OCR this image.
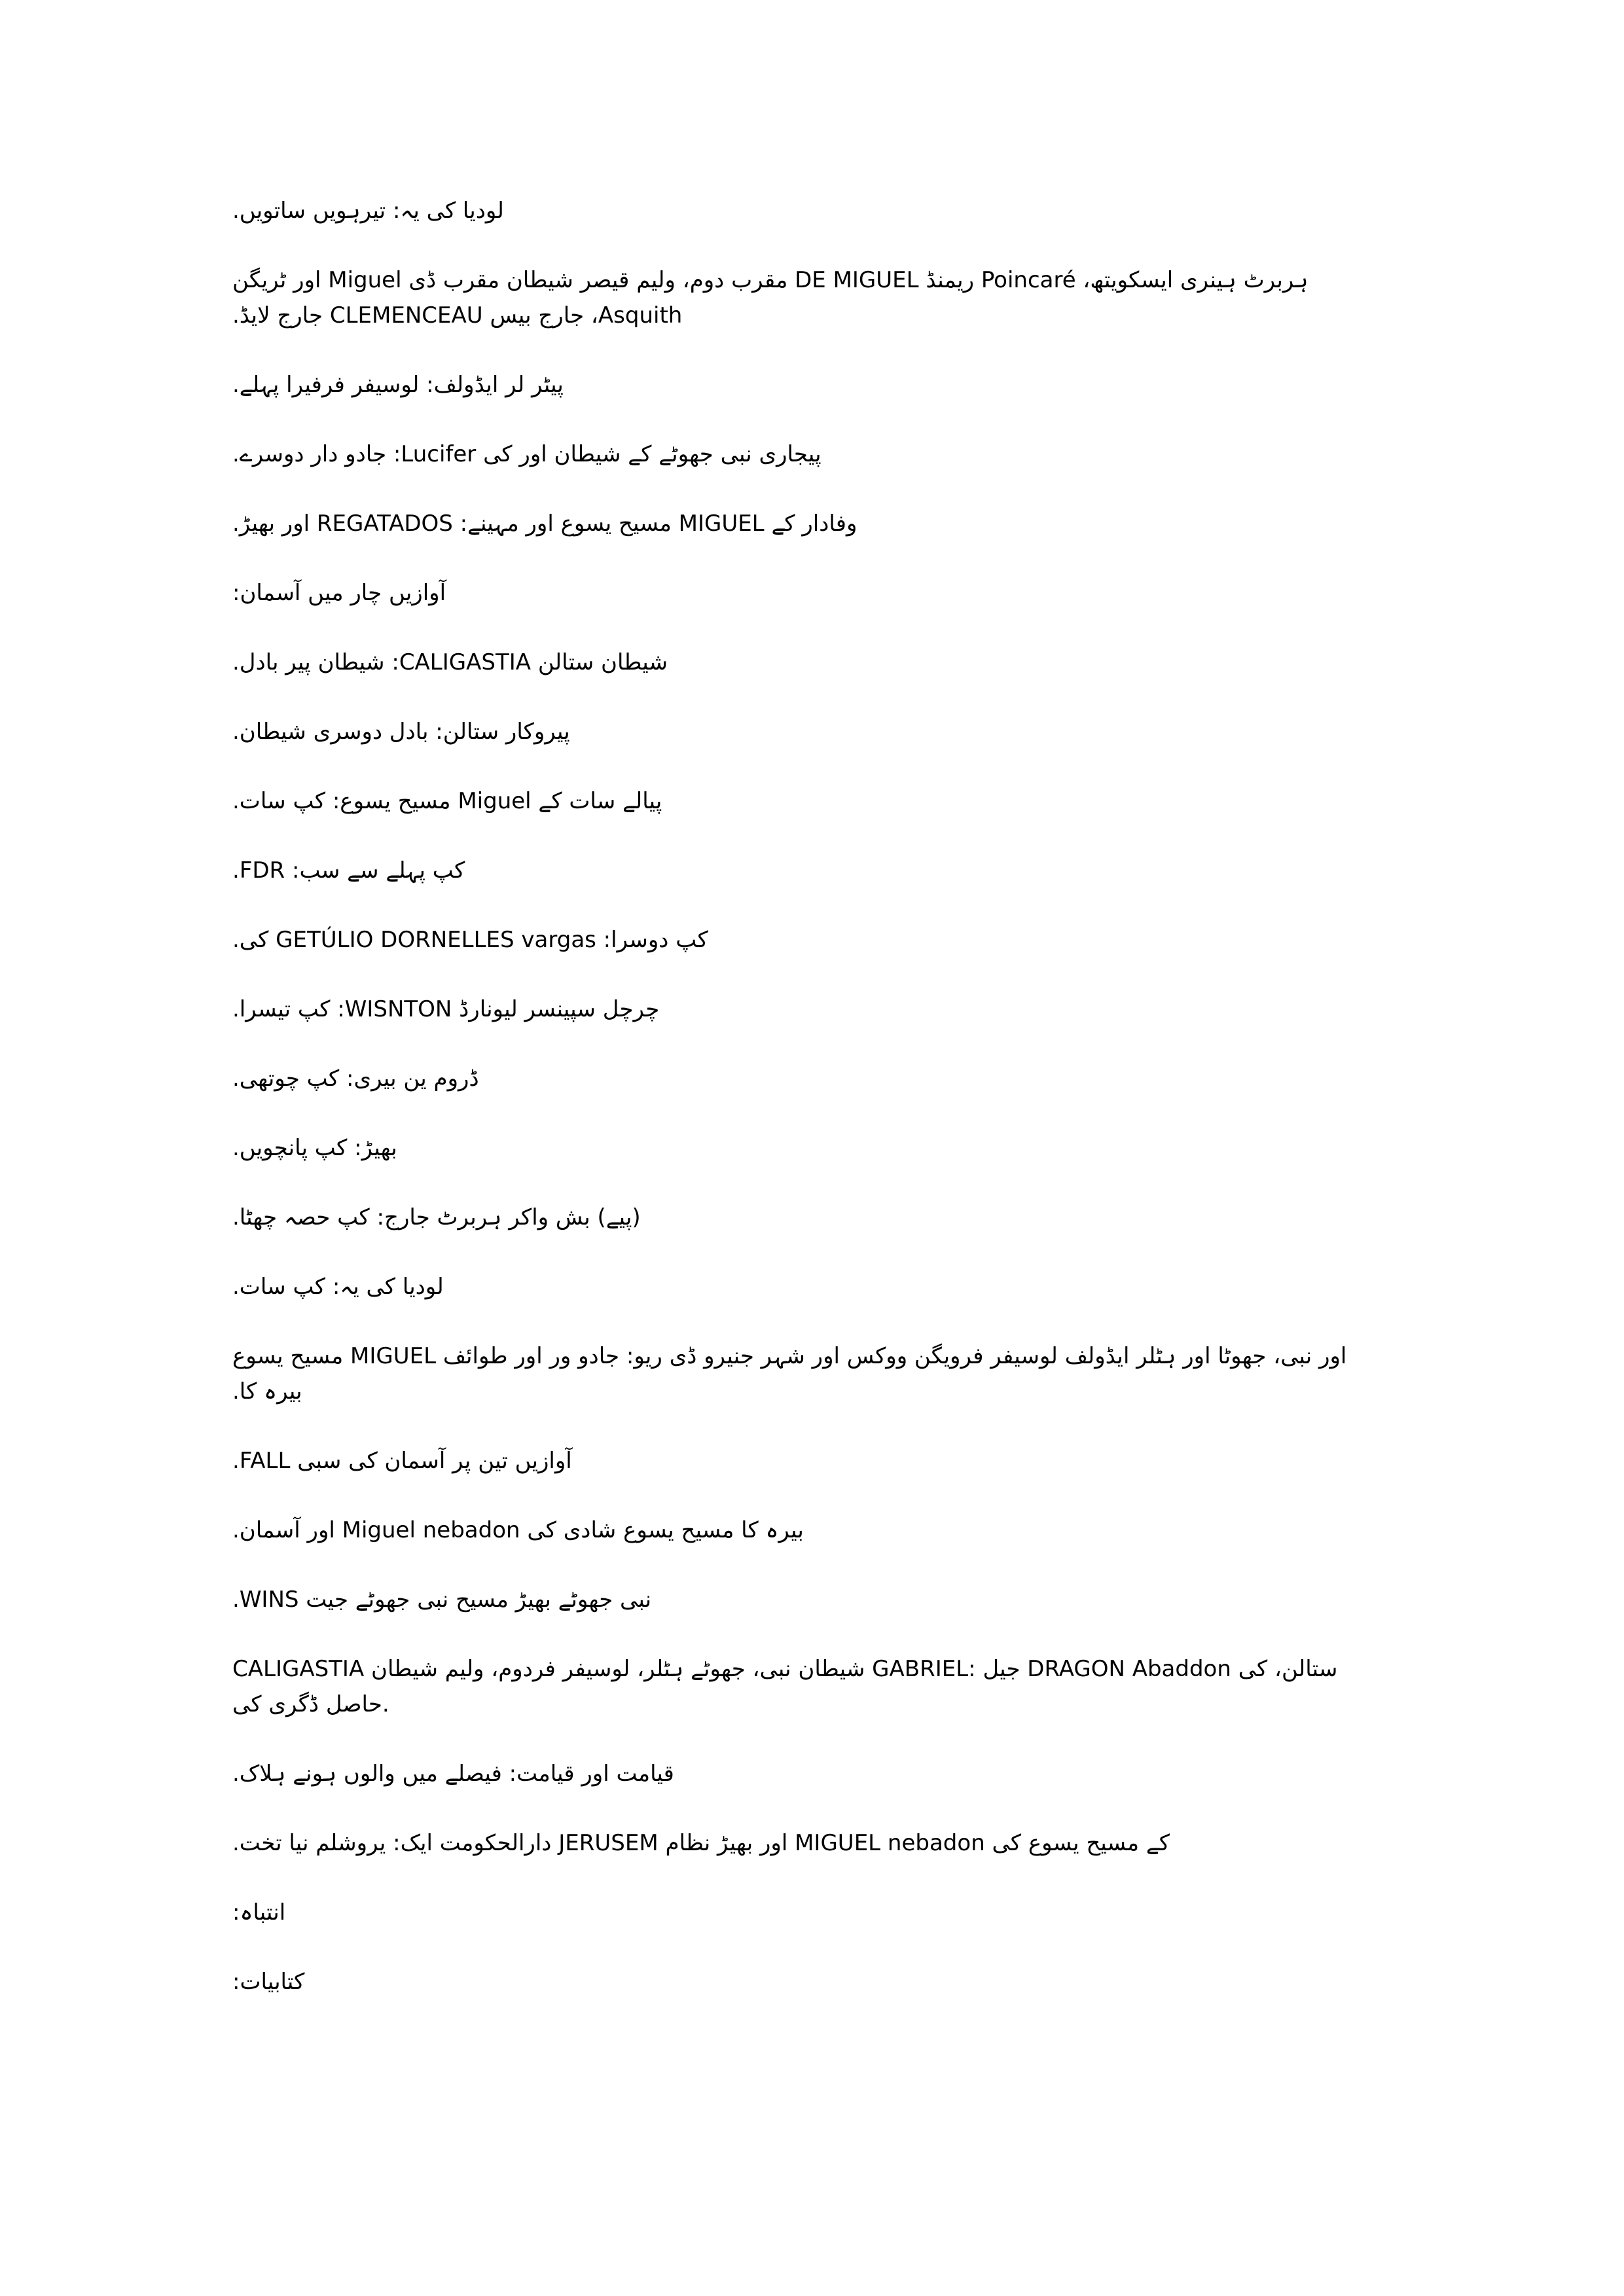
لودیا کی یہ: تیرہویں ساتویں.

ہربرٹ ہینری ایسکویتھ، Poincaré ریمنڈ DE MIGUEL مقرب دوم، ولیم قیصر شیطان مقرب ڈی Miguel اور ٹریگن Asquith، جارج بیس CLEMENCEAU جارج لایڈ.

پیٹر لر ایڈولف: لوسیفر فرفیرا پہلے.

پیجاری نبی جھوٹے کے شیطان اور کی Lucifer: جادو دار دوسرے.

وفادار کے MIGUEL مسیح یسوع اور مہینے: REGATADOS اور بھیڑ.

آوازیں چار میں آسمان:

شیطان ستالن CALIGASTIA: شیطان پیر بادل.

پیروکار ستالن: بادل دوسری شیطان.

پیالے سات کے Miguel مسیح یسوع: کپ سات.

کپ پہلے سے سب: FDR.

کپ دوسرا: GETÚLIO DORNELLES vargas کی.

چرچل سپینسر لیونارڈ WISNTON: کپ تیسرا.

ڈروم ین بیری: کپ چوتھی.

بھیڑ: کپ پانچویں.

(پیے) بش واکر ہربرٹ جارج: کپ حصہ چھٹا.

لودیا کی یہ: کپ سات.

اور نبی، جھوٹا اور ہٹلر ایڈولف لوسیفر فرویگن ووکس اور شہر جنیرو ڈی ریو: جادو ور اور طوائف MIGUEL مسیح یسوع بیرہ کا.

آوازیں تین پر آسمان کی سبی FALL.

بیرہ کا مسیح یسوع شادی کی Miguel nebadon اور آسمان.

نبی جھوٹے بھیڑ مسیح نبی جھوٹے جیت WINS.

CALIGASTIA شیطان نبی، جھوٹے ہٹلر، لوسیفر فردوم، ولیم شیطان GABRIEL: جیل DRAGON Abaddon ستالن، کی حاصل ڈگری کی.

قیامت اور قیامت: فیصلے میں والوں ہونے ہلاک.

کے مسیح یسوع کی MIGUEL nebadon اور بھیڑ نظام JERUSEM دارالحکومت ایک: یروشلم نیا تخت.

انتباہ:

کتابیات:
